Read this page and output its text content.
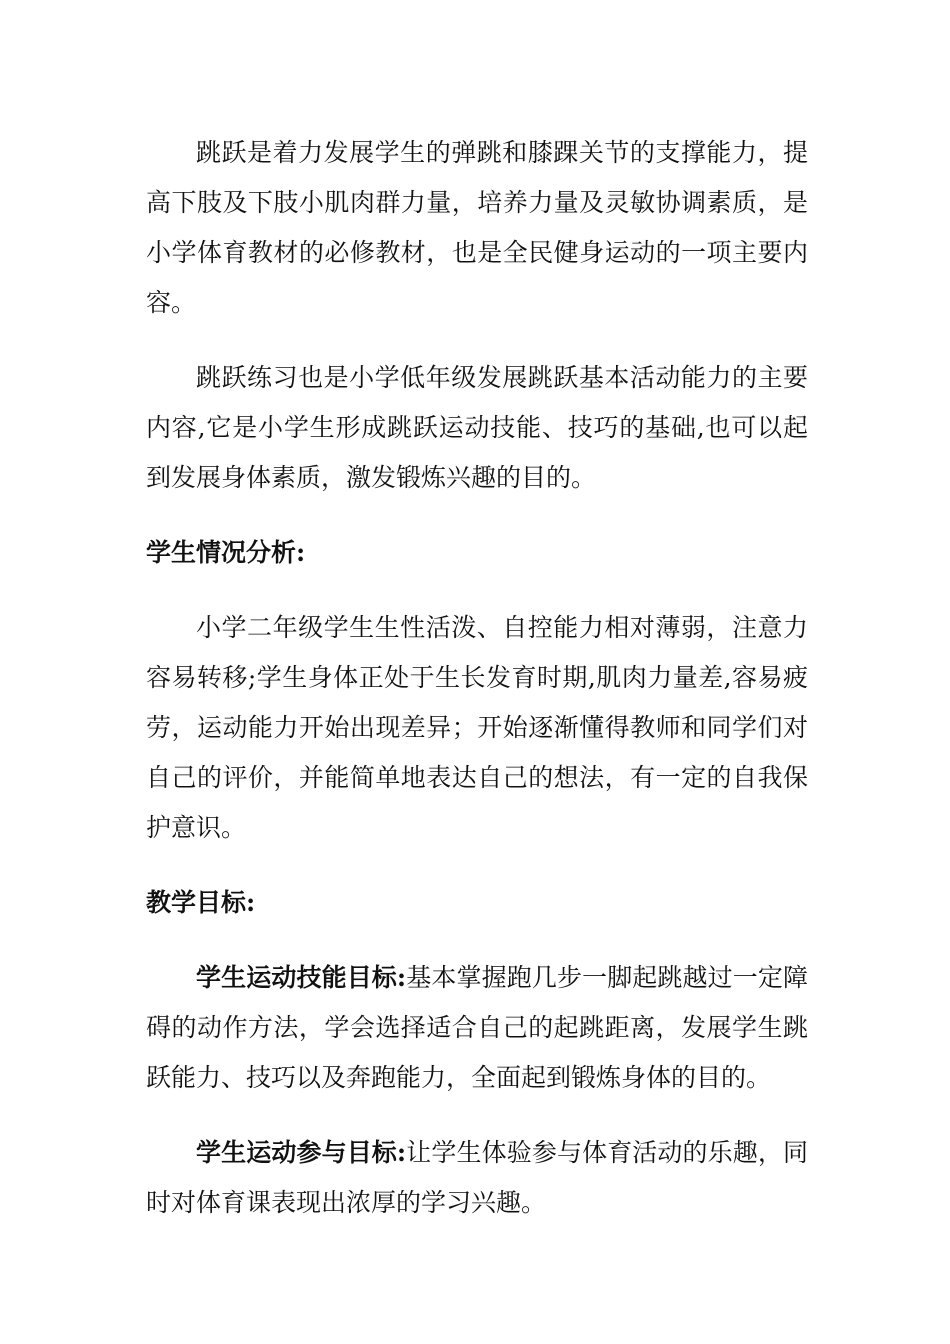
跳跃是着力发展学生的弹跳和膝踝关节的支撑能力，提高下肢及下肢小肌肉群力量，培养力量及灵敏协调素质，是小学体育教材的必修教材，也是全民健身运动的一项主要内容。

跳跃练习也是小学低年级发展跳跃基本活动能力的主要内容,它是小学生形成跳跃运动技能、技巧的基础,也可以起到发展身体素质，激发锻炼兴趣的目的。

学生情况分析:

小学二年级学生生性活泼、自控能力相对薄弱，注意力容易转移;学生身体正处于生长发育时期,肌肉力量差,容易疲劳，运动能力开始出现差异；开始逐渐懂得教师和同学们对自己的评价，并能简单地表达自己的想法，有一定的自我保护意识。

教学目标:

学生运动技能目标:基本掌握跑几步一脚起跳越过一定障碍的动作方法，学会选择适合自己的起跳距离，发展学生跳跃能力、技巧以及奔跑能力，全面起到锻炼身体的目的。

学生运动参与目标:让学生体验参与体育活动的乐趣，同时对体育课表现出浓厚的学习兴趣。
